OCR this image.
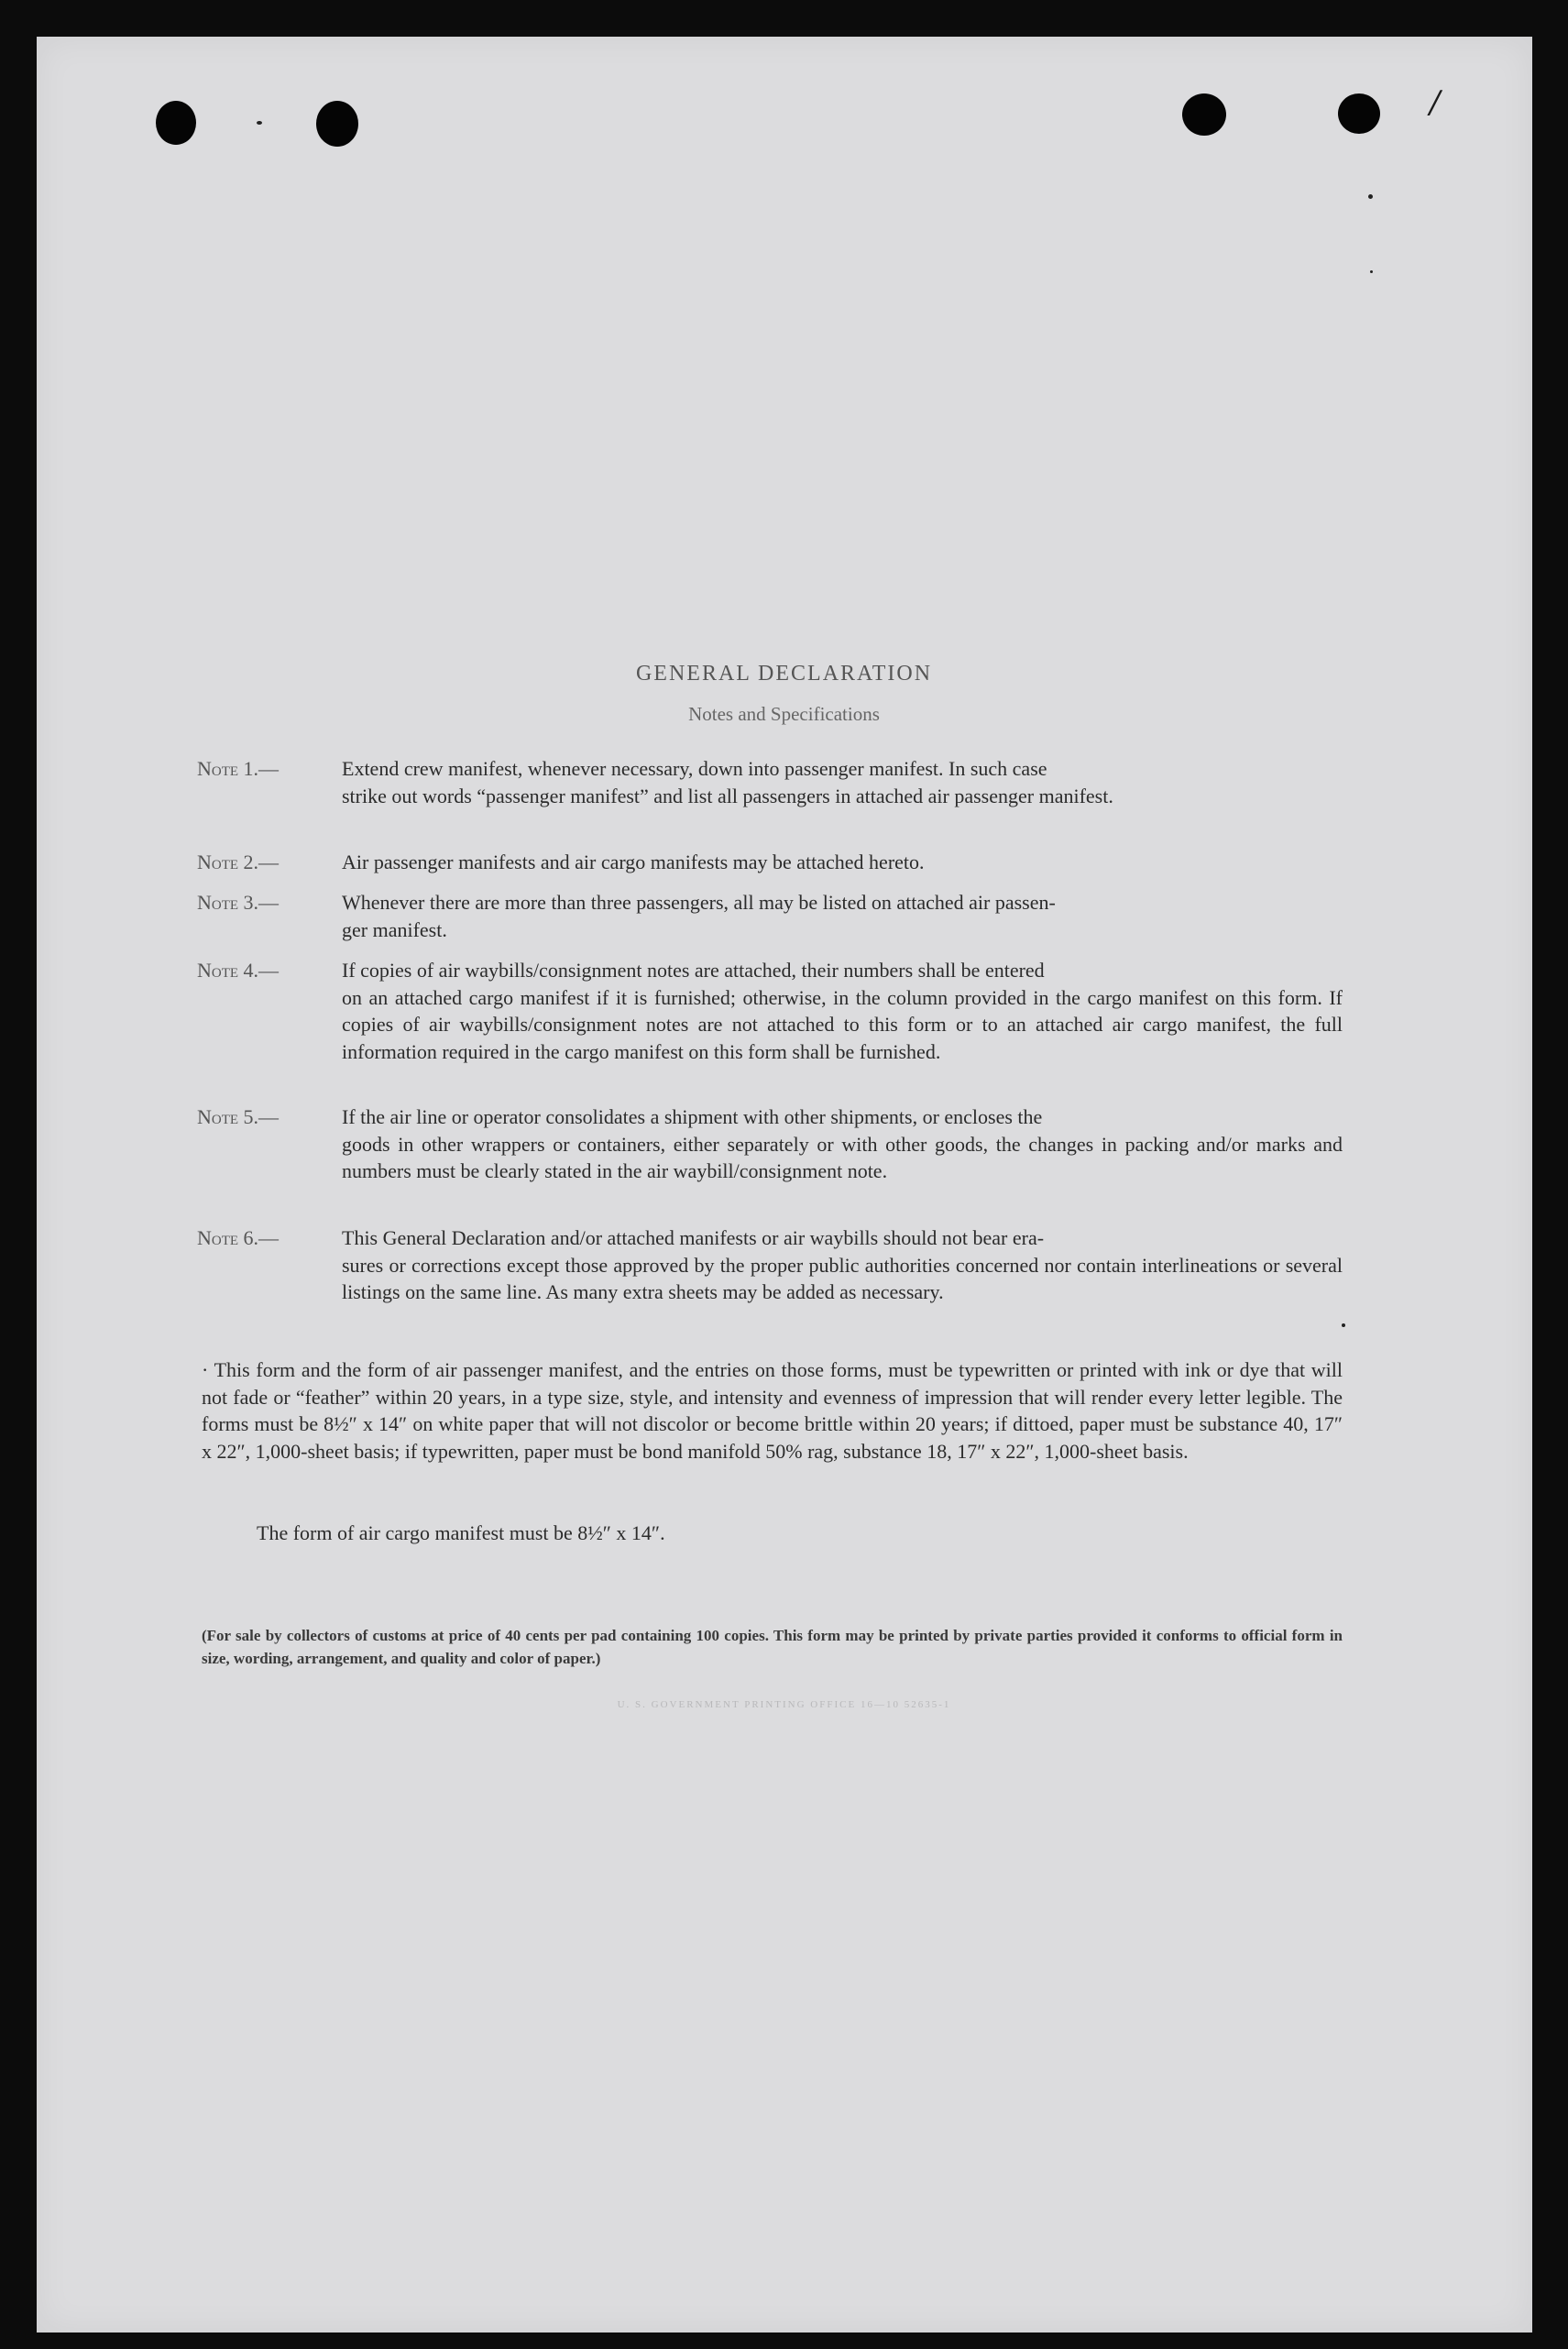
/
GENERAL DECLARATION
Notes and Specifications
Note 1.—	Extend crew manifest, whenever necessary, down into passenger manifest. In such case
strike out words “passenger manifest” and list all passengers in attached air passenger manifest.
Note 2.—	Air passenger manifests and air cargo manifests may be attached hereto.
Note 3.—	Whenever there are more than three passengers, all may be listed on attached air passen-
ger manifest.
Note 4.—	If copies of air waybills/consignment notes are attached, their numbers shall be entered
on an attached cargo manifest if it is furnished; otherwise, in the column provided in the cargo manifest on this form. If copies of air waybills/consignment notes are not attached to this form or to an attached air cargo manifest, the full information required in the cargo manifest on this form shall be furnished.
Note 5.—	If the air line or operator consolidates a shipment with other shipments, or encloses the
goods in other wrappers or containers, either separately or with other goods, the changes in packing and/or marks and numbers must be clearly stated in the air waybill/consignment note.
Note 6.—	This General Declaration and/or attached manifests or air waybills should not bear era-
sures or corrections except those approved by the proper public authorities concerned nor contain interlineations or several listings on the same line. As many extra sheets may be added as necessary.
· This form and the form of air passenger manifest, and the entries on those forms, must be typewritten or printed with ink or dye that will not fade or “feather” within 20 years, in a type size, style, and intensity and evenness of impression that will render every letter legible. The forms must be 8½″ x 14″ on white paper that will not discolor or become brittle within 20 years; if dittoed, paper must be substance 40, 17″ x 22″, 1,000-sheet basis; if typewritten, paper must be bond manifold 50% rag, substance 18, 17″ x 22″, 1,000-sheet basis.
The form of air cargo manifest must be 8½″ x 14″.
(For sale by collectors of customs at price of 40 cents per pad containing 100 copies. This form may be printed by private parties provided it conforms to official form in size, wording, arrangement, and quality and color of paper.)
U. S. GOVERNMENT PRINTING OFFICE 16—10 52635-1
